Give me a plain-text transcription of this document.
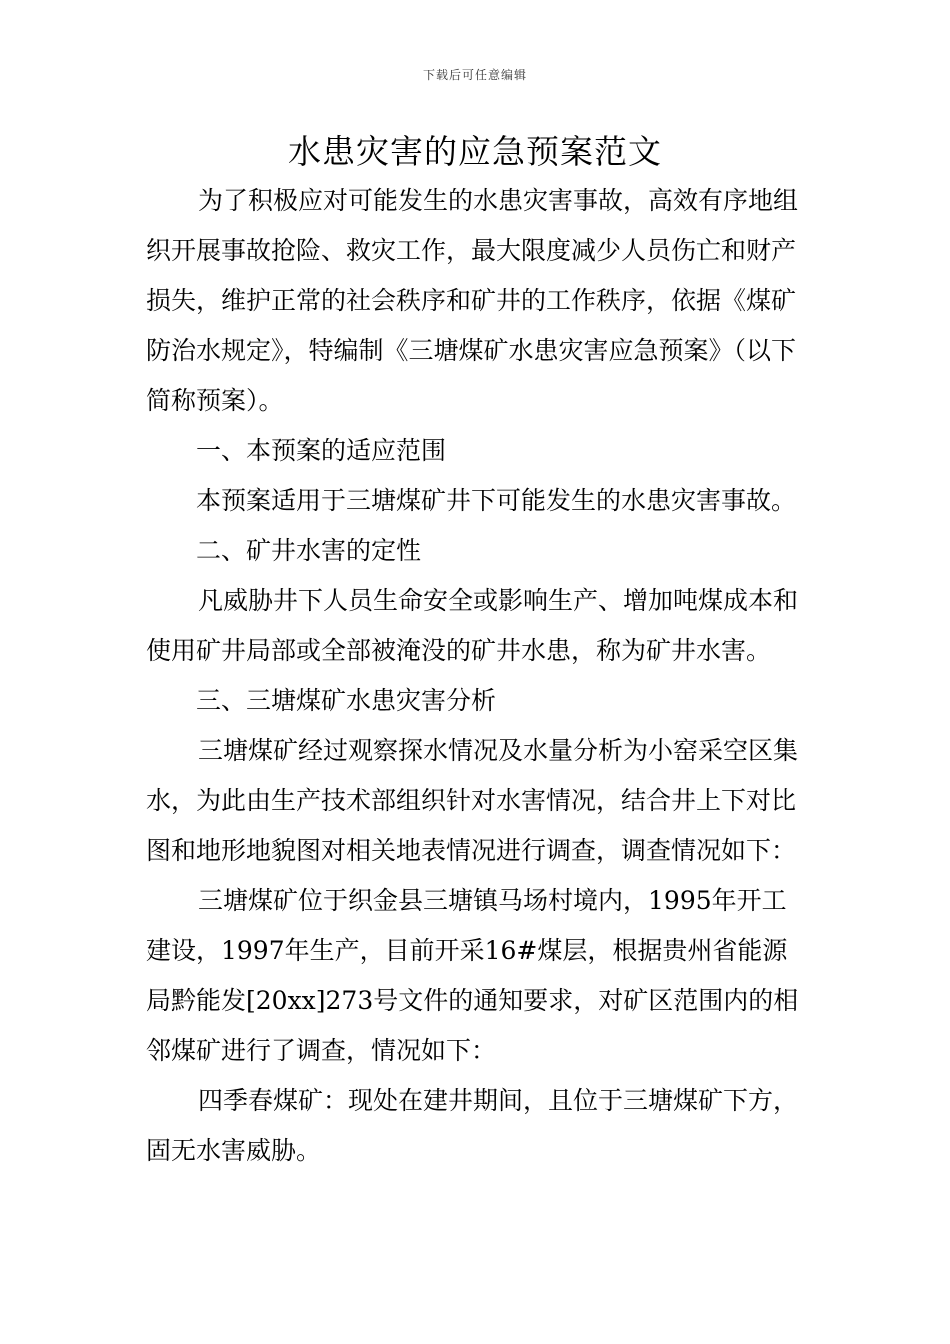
下载后可任意编辑
水患灾害的应急预案范文

为了积极应对可能发生的水患灾害事故，高效有序地组织开展事故抢险、救灾工作，最大限度减少人员伤亡和财产损失，维护正常的社会秩序和矿井的工作秩序，依据《煤矿防治水规定》，特编制《三塘煤矿水患灾害应急预案》（以下简称预案）。

一、本预案的适应范围

本预案适用于三塘煤矿井下可能发生的水患灾害事故。

二、矿井水害的定性

凡威胁井下人员生命安全或影响生产、增加吨煤成本和使用矿井局部或全部被淹没的矿井水患，称为矿井水害。

三、三塘煤矿水患灾害分析

三塘煤矿经过观察探水情况及水量分析为小窑采空区集水，为此由生产技术部组织针对水害情况，结合井上下对比图和地形地貌图对相关地表情况进行调查，调查情况如下：

三塘煤矿位于织金县三塘镇马场村境内，1995年开工建设，1997年生产，目前开采16#煤层，根据贵州省能源局黔能发[20xx]273号文件的通知要求，对矿区范围内的相邻煤矿进行了调查，情况如下：

四季春煤矿：现处在建井期间，且位于三塘煤矿下方，固无水害威胁。
